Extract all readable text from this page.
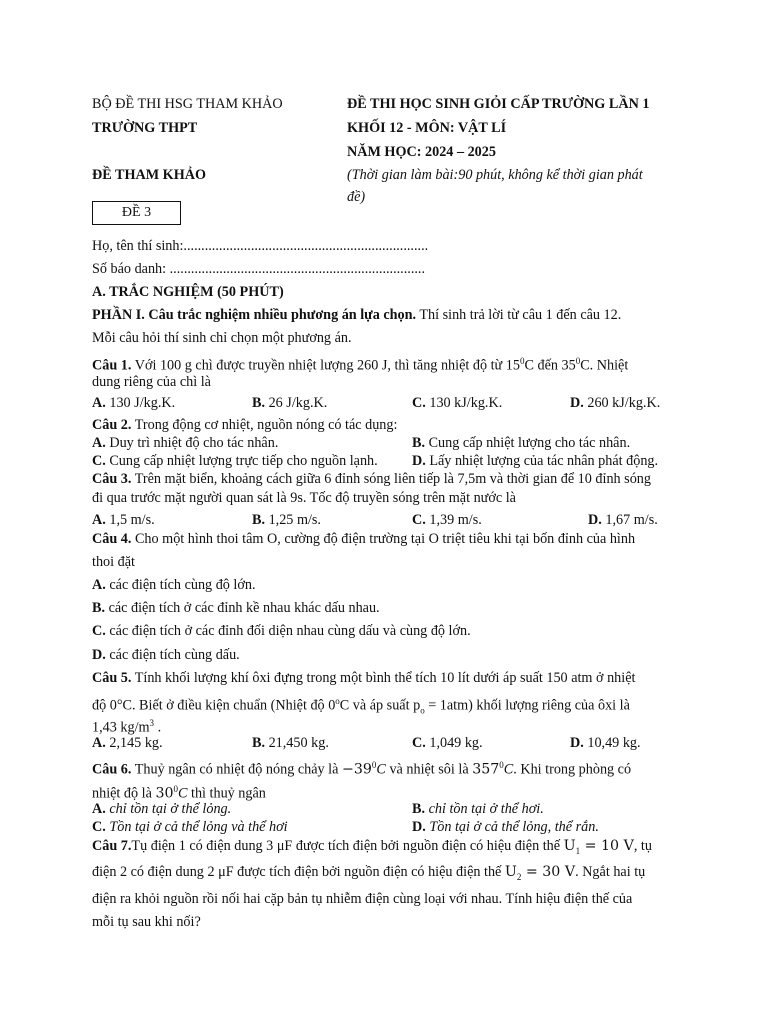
BỘ ĐỀ THI HSG THAM KHẢO
TRƯỜNG THPT
ĐỀ THAM KHẢO
ĐỀ 3
ĐỀ THI HỌC SINH GIỎI CẤP TRƯỜNG LẦN 1
KHỐI 12 - MÔN: VẬT LÍ
NĂM HỌC: 2024 – 2025
(Thời gian làm bài:90 phút, không kể thời gian phát
đề)
Họ, tên thí sinh:.....................................................................
Số báo danh: ........................................................................
A. TRẮC NGHIỆM (50 PHÚT)
PHẦN I. Câu trắc nghiệm nhiều phương án lựa chọn. Thí sinh trả lời từ câu 1 đến câu 12.
Mỗi câu hỏi thí sinh chỉ chọn một phương án.
Câu 1. Với 100 g chì được truyền nhiệt lượng 260 J, thì tăng nhiệt độ từ $15^0C$ đến $35^0C$. Nhiệt
dung riêng của chì là
A. 130 J/kg.K.	B. 26 J/kg.K.	C. 130 kJ/kg.K.	D. 260 kJ/kg.K.
Câu 2. Trong động cơ nhiệt, nguồn nóng có tác dụng:
A. Duy trì nhiệt độ cho tác nhân.	B. Cung cấp nhiệt lượng cho tác nhân.
C. Cung cấp nhiệt lượng trực tiếp cho nguồn lạnh. D. Lấy nhiệt lượng của tác nhân phát động.
Câu 3. Trên mặt biển, khoảng cách giữa 6 đỉnh sóng liên tiếp là 7,5m và thời gian để 10 đỉnh sóng
đi qua trước mặt người quan sát là 9s. Tốc độ truyền sóng trên mặt nước là
A. 1,5 m/s.	B. 1,25 m/s.	C. 1,39 m/s.	D. 1,67 m/s.
Câu 4. Cho một hình thoi tâm O, cường độ điện trường tại O triệt tiêu khi tại bốn đỉnh của hình
thoi đặt
A. các điện tích cùng độ lớn.
B. các điện tích ở các đỉnh kề nhau khác dấu nhau.
C. các điện tích ở các đỉnh đối diện nhau cùng dấu và cùng độ lớn.
D. các điện tích cùng dấu.
Câu 5. Tính khối lượng khí ôxi đựng trong một bình thể tích 10 lít dưới áp suất 150 atm ở nhiệt
độ 0°C. Biết ở điều kiện chuẩn (Nhiệt độ 0$^o$C và áp suất $p_o = 1atm$) khối lượng riêng của ôxi là
1,43 $kg/m^3$ .
A. 2,145 kg.	B. 21,450 kg.	C. 1,049 kg.	D. 10,49 kg.
Câu 6. Thuỷ ngân có nhiệt độ nóng chảy là $-39^0C$ và nhiệt sôi là $357^0C$. Khi trong phòng có
nhiệt độ là $30^0C$ thì thuỷ ngân
A. chỉ tồn tại ở thể lỏng.	B. chỉ tồn tại ở thể hơi.
C. Tồn tại ở cả thể lỏng và thể hơi	D. Tồn tại ở cả thể lỏng, thể rắn.
Câu 7.Tụ điện 1 có điện dung 3 μF được tích điện bởi nguồn điện có hiệu điện thế $U_1 = 10$ V, tụ
điện 2 có điện dung 2 μF được tích điện bởi nguồn điện có hiệu điện thế $U_2 = 30$ V. Ngắt hai tụ
điện ra khỏi nguồn rồi nối hai cặp bản tụ nhiễm điện cùng loại với nhau. Tính hiệu điện thế của
mỗi tụ sau khi nối?
